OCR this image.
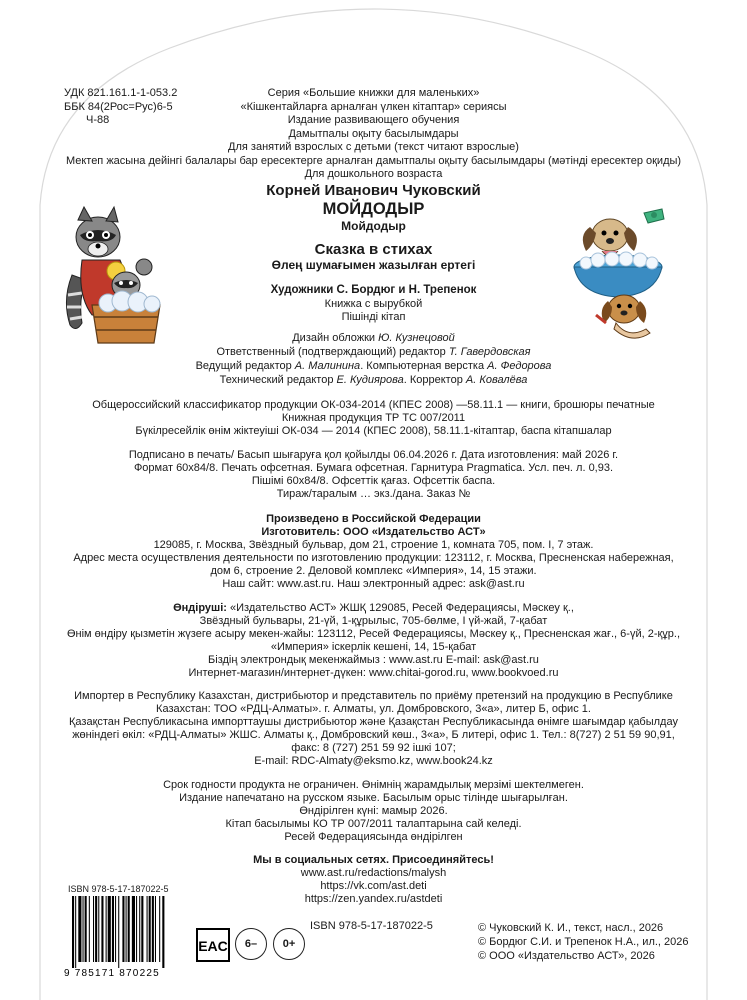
УДК 821.161.1-1-053.2
ББК 84(2Рос=Рус)6-5
Ч-88
Серия «Большие книжки для маленьких»
«Кішкентайларға арналған үлкен кітаптар» сериясы
Издание развивающего обучения
Дамытпалы оқыту басылымдары
Для занятий взрослых с детьми (текст читают взрослые)
Мектеп жасына дейінгі балалары бар ересектерге арналған дамытпалы оқыту басылымдары (мәтінді ересектер оқиды)
Для дошкольного возраста
Корней Иванович Чуковский
МОЙДОДЫР
Мойдодыр
Сказка в стихах
Өлең шумағымен жазылған ертегі
Художники С. Бордюг и Н. Трепенок
Книжка с вырубкой
Пішінді кітап
Дизайн обложки Ю. Кузнецовой
Ответственный (подтверждающий) редактор Т. Гавердовская
Ведущий редактор А. Малинина. Компьютерная верстка А. Федорова
Технический редактор Е. Кудиярова. Корректор А. Ковалёва
Общероссийский классификатор продукции ОК-034-2014 (КПЕС 2008) —58.11.1 — книги, брошюры печатные
Книжная продукция ТР ТС 007/2011
Бүкілресейлік өнім жіктеуіші ОК-034 — 2014 (КПЕС 2008), 58.11.1-кітаптар, баспа кітапшалар
Подписано в печать/ Басып шығаруға қол қойылды 06.04.2026 г. Дата изготовления: май 2026 г.
Формат 60x84/8. Печать офсетная. Бумага офсетная. Гарнитура Pragmatica. Усл. печ. л. 0,93.
Пішімі 60x84/8. Офсеттік қағаз. Офсеттік баспа.
Тираж/таралым … экз./дана. Заказ №
Произведено в Российской Федерации
Изготовитель: ООО «Издательство АСТ»
129085, г. Москва, Звёздный бульвар, дом 21, строение 1, комната 705, пом. I, 7 этаж.
Адрес места осуществления деятельности по изготовлению продукции: 123112, г. Москва, Пресненская набережная,
дом 6, строение 2. Деловой комплекс «Империя», 14, 15 этажи.
Наш сайт: www.ast.ru. Наш электронный адрес: ask@ast.ru
Өндіруші: «Издательство АСТ» ЖШҚ 129085, Ресей Федерациясы, Мәскеу қ.,
Звёздный бульвары, 21-үй, 1-құрылыс, 705-бөлме, I үй-жай, 7-қабат
Өнім өндіру қызметін жүзеге асыру мекен-жайы: 123112, Ресей Федерациясы, Мәскеу қ., Пресненская жағ., 6-үй, 2-құр.,
«Империя» іскерлік кешені, 14, 15-қабат
Біздің электрондық мекенжаймыз : www.ast.ru E-mail: ask@ast.ru
Интернет-магазин/интернет-дүкен: www.chitai-gorod.ru, www.bookvoed.ru
Импортер в Республику Казахстан, дистрибьютор и представитель по приёму претензий на продукцию в Республике
Казахстан: ТОО «РДЦ-Алматы». г. Алматы, ул. Домбровского, 3«а», литер Б, офис 1.
Қазақстан Республикасына импорттаушы дистрибьютор және Қазақстан Республикасында өнімге шағымдар қабылдау
жөніндегі өкіл: «РДЦ-Алматы» ЖШС. Алматы қ., Домбровский көш., 3«а», Б литері, офис 1. Тел.: 8(727) 2 51 59 90,91,
факс: 8 (727) 251 59 92 ішкі 107;
E-mail: RDC-Almaty@eksmo.kz, www.book24.kz
Срок годности продукта не ограничен. Өнімнің жарамдылық мерзімі шектелмеген.
Издание напечатано на русском языке. Басылым орыс тілінде шығарылған.
Өндірілген күні: мамыр 2026.
Кітап басылымы КО ТР 007/2011 талаптарына сай келеді.
Ресей Федерациясында өндірілген
Мы в социальных сетях. Присоединяйтесь!
www.ast.ru/redactions/malysh
https://vk.com/ast.deti
https://zen.yandex.ru/astdeti
ISBN 978-5-17-187022-5
9 785171 870225
EAC	6–	0+
ISBN 978-5-17-187022-5	© Чуковский К. И., текст, насл., 2026
© Бордюг С.И. и Трепенок Н.А., ил., 2026
© ООО «Издательство АСТ», 2026
